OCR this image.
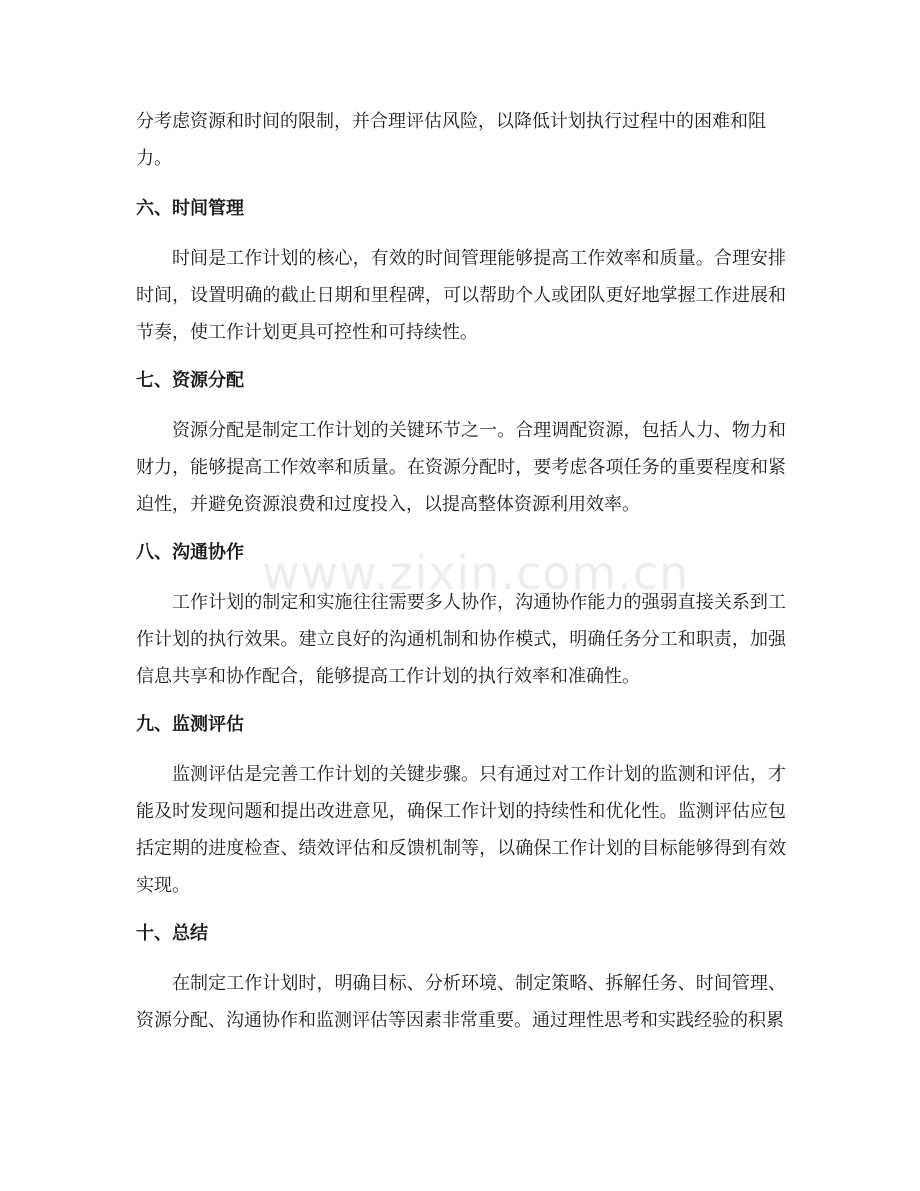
分考虑资源和时间的限制，并合理评估风险，以降低计划执行过程中的困难和阻力。

六、时间管理

时间是工作计划的核心，有效的时间管理能够提高工作效率和质量。合理安排时间，设置明确的截止日期和里程碑，可以帮助个人或团队更好地掌握工作进展和节奏，使工作计划更具可控性和可持续性。

七、资源分配

资源分配是制定工作计划的关键环节之一。合理调配资源，包括人力、物力和财力，能够提高工作效率和质量。在资源分配时，要考虑各项任务的重要程度和紧迫性，并避免资源浪费和过度投入，以提高整体资源利用效率。

八、沟通协作

工作计划的制定和实施往往需要多人协作，沟通协作能力的强弱直接关系到工作计划的执行效果。建立良好的沟通机制和协作模式，明确任务分工和职责，加强信息共享和协作配合，能够提高工作计划的执行效率和准确性。

九、监测评估

监测评估是完善工作计划的关键步骤。只有通过对工作计划的监测和评估，才能及时发现问题和提出改进意见，确保工作计划的持续性和优化性。监测评估应包括定期的进度检查、绩效评估和反馈机制等，以确保工作计划的目标能够得到有效实现。

十、总结

在制定工作计划时，明确目标、分析环境、制定策略、拆解任务、时间管理、资源分配、沟通协作和监测评估等因素非常重要。通过理性思考和实践经验的积累

www.zixin.com.cn
